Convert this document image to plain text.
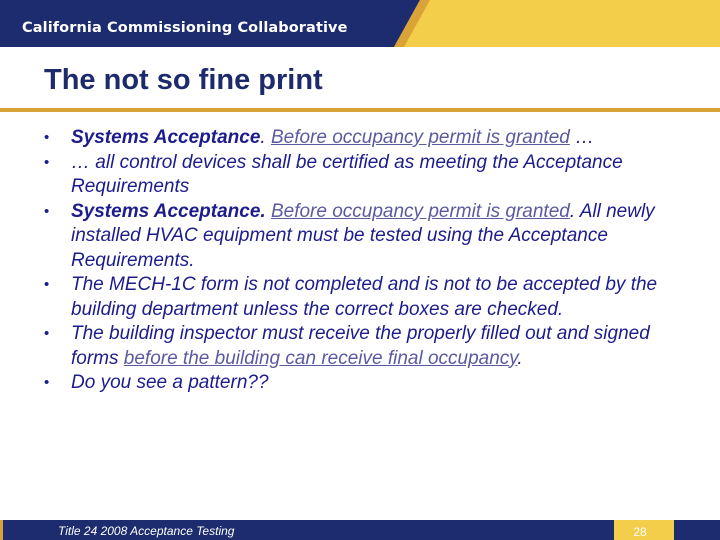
California Commissioning Collaborative
The not so fine print
•	Systems Acceptance. Before occupancy permit is granted …
•	… all control devices shall be certified as meeting the Acceptance Requirements
•	Systems Acceptance. Before occupancy permit is granted. All newly installed HVAC equipment must be tested using the Acceptance Requirements.
•	The MECH-1C form is not completed and is not to be accepted by the building department unless the correct boxes are checked.
•	The building inspector must receive the properly filled out and signed forms before the building can receive final occupancy.
•	Do you see a pattern??
Title 24 2008 Acceptance Testing	28
